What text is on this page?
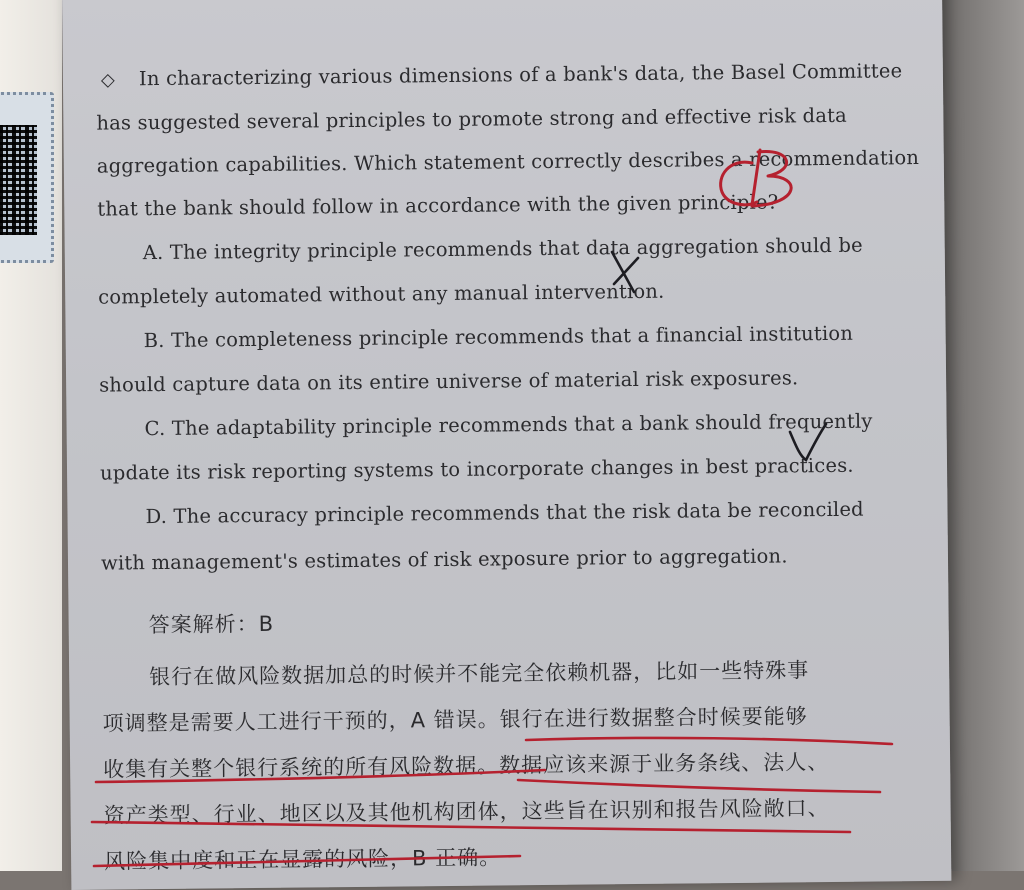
◇ In characterizing various dimensions of a bank's data, the Basel Committee
has suggested several principles to promote strong and effective risk data
aggregation capabilities. Which statement correctly describes a recommendation
that the bank should follow in accordance with the given principle?
A. The integrity principle recommends that data aggregation should be
completely automated without any manual intervention.
B. The completeness principle recommends that a financial institution
should capture data on its entire universe of material risk exposures.
C. The adaptability principle recommends that a bank should frequently
update its risk reporting systems to incorporate changes in best practices.
D. The accuracy principle recommends that the risk data be reconciled
with management's estimates of risk exposure prior to aggregation.
答案解析：B
银行在做风险数据加总的时候并不能完全依赖机器，比如一些特殊事
项调整是需要人工进行干预的，A 错误。银行在进行数据整合时候要能够
收集有关整个银行系统的所有风险数据。数据应该来源于业务条线、法人、
资产类型、行业、地区以及其他机构团体，这些旨在识别和报告风险敞口、
风险集中度和正在显露的风险，B 正确。
